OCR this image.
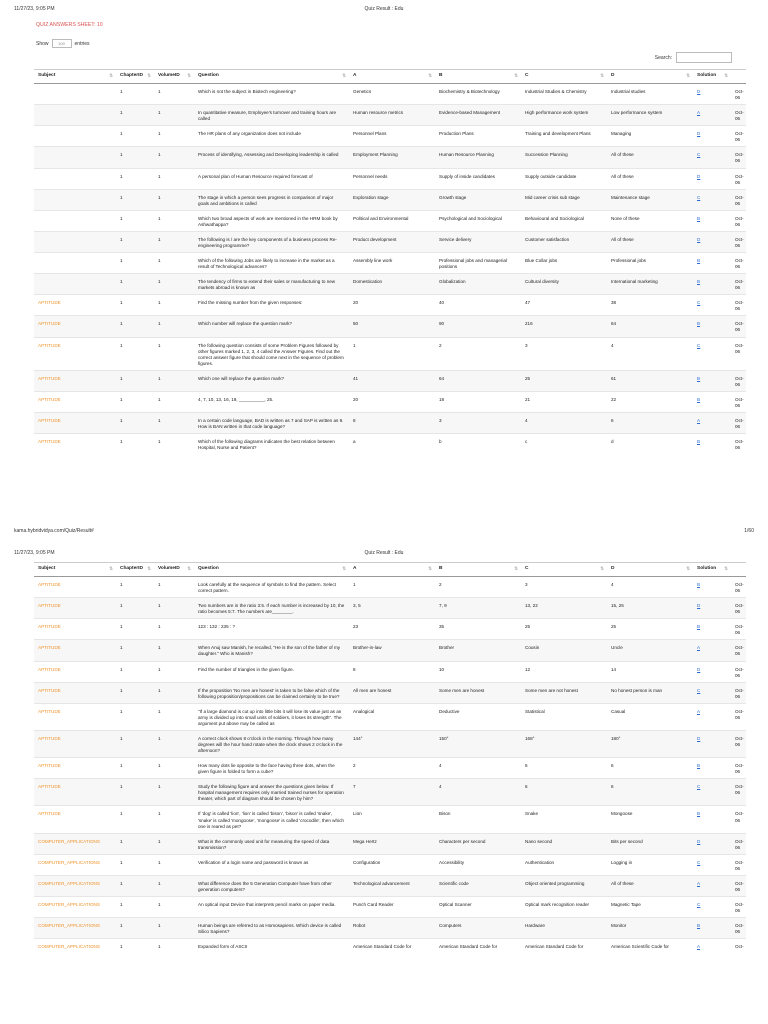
11/27/23, 9:05 PM	Quiz Result : Edu
QUIZ ANSWERS SHEET: 10
Show 100 entries
Search:
Subject ⇅	ChapterID ⇅	VolumeID ⇅	Question ⇅	A ⇅	B ⇅	C ⇅	D ⇅	Solution ⇅	

	1	1	Which is not the subject in Biotech engineering?	Genetics	Biochemistry & Biotechnology	Industrial Studies & Chemistry	Industrial studies	D	Oct-06
	1	1	In quantitative measure, Employee's turnover and training hours are called	Human resource metrics	Evidence-based Management	High performance work system	Low performance system	A	Oct-06
	1	1	The HR plans of any organization does not include	Personnel Plans	Production Plans	Training and development Plans	Managing	D	Oct-06
	1	1	Process of identifying, Assessing and Developing leadership is called	Employment Planning	Human Resource Planning	Succession Planning	All of these	C	Oct-06
	1	1	A personal plan of Human Resource required forecast of	Personnel needs	Supply of inside candidates	Supply outside candidate	All of these	D	Oct-06
	1	1	The stage in which a person sees progress in comparison of major goals and ambitions is called	Exploration stage	Growth stage	Mid career crisis sub stage	Maintenance stage	C	Oct-06
	1	1	Which two broad aspects of work are mentioned in the HRM book by Ashwathappa?	Political and Environmental	Psychological and Sociological	Behavioural and Sociological	None of these	B	Oct-06
	1	1	The following is / are the key components of a business process Re-engineering programme?	Product development	Service delivery	Customer satisfaction	All of these	D	Oct-06
	1	1	Which of the following Jobs are likely to increase in the market as a result of Technological advances?	Assembly line work	Professional jobs and managerial positions	Blue Collar jobs	Professional jobs	B	Oct-06
	1	1	The tendency of firms to extend their sales or manufacturing to new markets abroad is known as	Domestication	Globalization	Cultural diversity	International marketing	B	Oct-06
APTITUDE	1	1	Find the missing number from the given responses:	20	40	47	38	C	Oct-06
APTITUDE	1	1	Which number will replace the question mark?	50	90	216	64	B	Oct-06
APTITUDE	1	1	The following question consists of some Problem Figures followed by other figures marked 1, 2, 3, 4 called the Answer Figures. Find out the correct answer figure that should come next in the sequence of problem figures.	1	2	3	4	C	Oct-06
APTITUDE	1	1	Which one will replace the question mark?	41	64	25	61	B	Oct-06
APTITUDE	1	1	4, 7, 10, 13, 16, 19, __________, 25.	20	18	21	22	B	Oct-06
APTITUDE	1	1	In a certain code language, BAD is written as 7 and SAP is written as 9. How is BAN written in that code language?	8	3	4	6	A	Oct-06
APTITUDE	1	1	Which of the following diagrams indicates the best relation between Hospital, Nurse and Patient?	a	b	c	d	B	Oct-06
kama.hybridvidya.com/Quiz/Result#	1/60
11/27/23, 9:05 PM	Quiz Result : Edu
Subject ⇅	ChapterID ⇅	VolumeID ⇅	Question ⇅	A ⇅	B ⇅	C ⇅	D ⇅	Solution ⇅	

APTITUDE	1	1	Look carefully at the sequence of symbols to find the pattern. Select correct pattern.	1	2	3	4	B	Oct-06
APTITUDE	1	1	Two numbers are in the ratio 3:5. If each number is increased by 10, the ratio becomes 5:7. The numbers are________.	3, 5	7, 9	13, 22	15, 25	D	Oct-06
APTITUDE	1	1	123 : 132 : 235 : ?	23	35	25	25	B	Oct-06
APTITUDE	1	1	When Anuj saw Manish, he recalled, "He is the son of the father of my daughter." Who is Manish?	Brother-in-law	Brother	Cousin	Uncle	A	Oct-06
APTITUDE	1	1	Find the number of triangles in the given figure.	8	10	12	14	D	Oct-06
APTITUDE	1	1	If the proposition 'No men are honest' is taken to be false which of the following proposition/propositions can be claimed certainly to be true?	All men are honest	Some men are honest	Some men are not honest	No honest person is man	C	Oct-06
APTITUDE	1	1	"If a large diamond is cut up into little bits it will lose its value just as an army is divided up into small units of soldiers, it loses its strength". The argument put above may be called as	Analogical	Deductive	Statistical	Casual	A	Oct-06
APTITUDE	1	1	A correct clock shows 8 o'clock in the morning. Through how many degrees will the hour hand rotate when the clock shows 2 o'clock in the afternoon?	144°	150°	168°	180°	D	Oct-06
APTITUDE	1	1	How many dots lie opposite to the face having three dots, when the given figure is folded to form a cube?	2	4	5	6	B	Oct-06
APTITUDE	1	1	Study the following figure and answer the questions given below. If hospital management requires only married trained nurses for operation theater, which part of diagram should be chosen by him?	7	4	6	6	C	Oct-06
APTITUDE	1	1	If 'dog' is called 'lion', 'lion' is called 'bison', 'bison' is called 'snake', 'snake' is called 'mongoose', 'mongoose' is called 'crocodile', then which one is reared as pet?	Lion	Bison	Snake	Mongoose	B	Oct-06
COMPUTER_APPLICATIONS	1	1	What is the commonly used unit for measuring the speed of data transmission?	Mega Hertz	Characters per second	Nano second	Bits per second	D	Oct-06
COMPUTER_APPLICATIONS	1	1	Verification of a login name and password is known as	Configuration	Accessibility	Authentication	Logging in	C	Oct-06
COMPUTER_APPLICATIONS	1	1	What difference does the 5 Generation Computer have from other generation computers?	Technological advancement	Scientific code	Object oriented programming	All of these	A	Oct-06
COMPUTER_APPLICATIONS	1	1	An optical input Device that interprets pencil marks on paper media.	Punch Card Reader	Optical Scanner	Optical mark recognition reader	Magnetic Tape	C	Oct-06
COMPUTER_APPLICATIONS	1	1	Human beings are referred to as Homosapiens. Which device is called Silico Sapiens?	Robot	Computers	Hardware	Monitor	B	Oct-06
COMPUTER_APPLICATIONS	1	1	Expanded form of ASCII	American Standard Code for	American Standard Code for	American Standard Code for	American Scientific Code for	A	Oct-
